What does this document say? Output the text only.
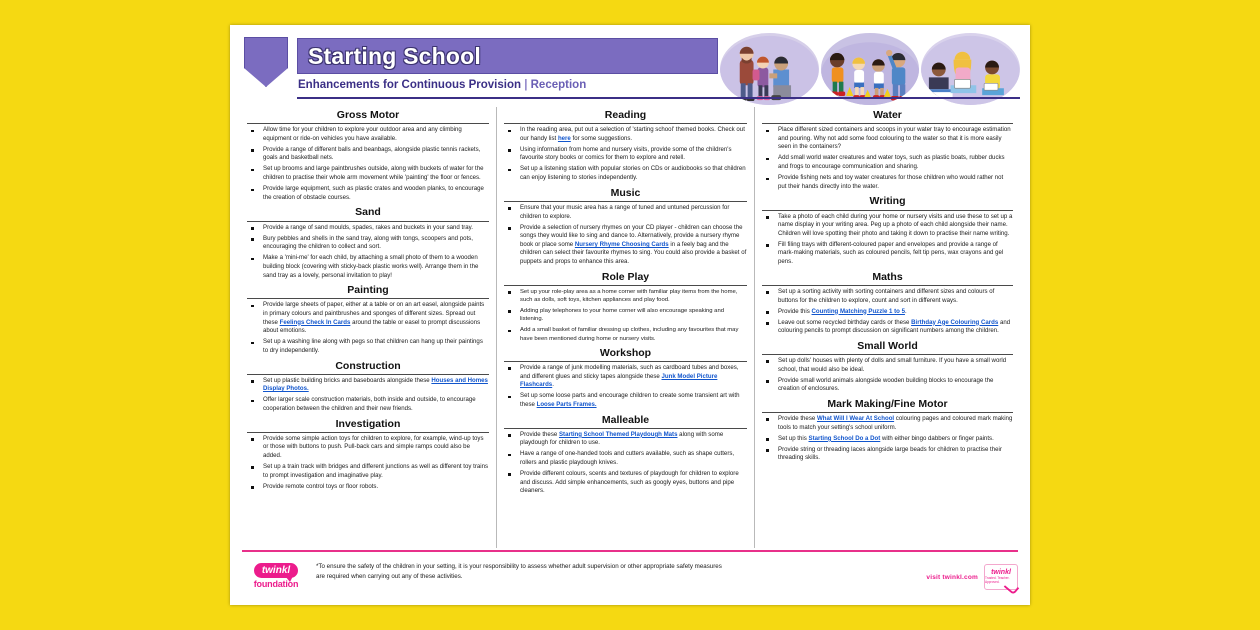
Starting School
Enhancements for Continuous Provision | Reception
Gross Motor
Allow time for your children to explore your outdoor area and any climbing equipment or ride-on vehicles you have available.
Provide a range of different balls and beanbags, alongside plastic tennis rackets, goals and basketball nets.
Set up brooms and large paintbrushes outside, along with buckets of water for the children to practise their whole arm movement while 'painting' the floor or fences.
Provide large equipment, such as plastic crates and wooden planks, to encourage the creation of obstacle courses.
Sand
Provide a range of sand moulds, spades, rakes and buckets in your sand tray.
Bury pebbles and shells in the sand tray, along with tongs, scoopers and pots, encouraging the children to collect and sort.
Make a 'mini-me' for each child, by attaching a small photo of them to a wooden building block (covering with sticky-back plastic works well). Arrange them in the sand tray as a lovely, personal invitation to play!
Painting
Provide large sheets of paper, either at a table or on an art easel, alongside paints in primary colours and paintbrushes and sponges of different sizes. Spread out these Feelings Check In Cards around the table or easel to prompt discussions about emotions.
Set up a washing line along with pegs so that children can hang up their paintings to dry independently.
Construction
Set up plastic building bricks and baseboards alongside these Houses and Homes Display Photos.
Offer larger scale construction materials, both inside and outside, to encourage cooperation between the children and their new friends.
Investigation
Provide some simple action toys for children to explore, for example, wind-up toys or those with buttons to push. Pull-back cars and simple ramps could also be added.
Set up a train track with bridges and different junctions as well as different toy trains to prompt investigation and imaginative play.
Provide remote control toys or floor robots.
Reading
In the reading area, put out a selection of 'starting school' themed books. Check out our handy list here for some suggestions.
Using information from home and nursery visits, provide some of the children's favourite story books or comics for them to explore and retell.
Set up a listening station with popular stories on CDs or audiobooks so that children can enjoy listening to stories independently.
Music
Ensure that your music area has a range of tuned and untuned percussion for children to explore.
Provide a selection of nursery rhymes on your CD player - children can choose the songs they would like to sing and dance to. Alternatively, provide a nursery rhyme book or place some Nursery Rhyme Choosing Cards in a feely bag and the children can select their favourite rhymes to sing. You could also provide a basket of puppets and props to enhance this area.
Role Play
Set up your role-play area as a home corner with familiar play items from the home, such as dolls, soft toys, kitchen appliances and play food.
Adding play telephones to your home corner will also encourage speaking and listening.
Add a small basket of familiar dressing up clothes, including any favourites that may have been mentioned during home or nursery visits.
Workshop
Provide a range of junk modelling materials, such as cardboard tubes and boxes, and different glues and sticky tapes alongside these Junk Model Picture Flashcards.
Set up some loose parts and encourage children to create some transient art with these Loose Parts Frames.
Malleable
Provide these Starting School Themed Playdough Mats along with some playdough for children to use.
Have a range of one-handed tools and cutters available, such as shape cutters, rollers and plastic playdough knives.
Provide different colours, scents and textures of playdough for children to explore and discuss. Add simple enhancements, such as googly eyes, buttons and pipe cleaners.
Water
Place different sized containers and scoops in your water tray to encourage estimation and pouring. Why not add some food colouring to the water so that it is more easily seen in the containers?
Add small world water creatures and water toys, such as plastic boats, rubber ducks and frogs to encourage communication and sharing.
Provide fishing nets and toy water creatures for those children who would rather not put their hands directly into the water.
Writing
Take a photo of each child during your home or nursery visits and use these to set up a name display in your writing area. Peg up a photo of each child alongside their name. Children will love spotting their photo and taking it down to practise their name writing.
Fill filing trays with different-coloured paper and envelopes and provide a range of mark-making materials, such as coloured pencils, felt tip pens, wax crayons and gel pens.
Maths
Set up a sorting activity with sorting containers and different sizes and colours of buttons for the children to explore, count and sort in different ways.
Provide this Counting Matching Puzzle 1 to 5.
Leave out some recycled birthday cards or these Birthday Age Colouring Cards and colouring pencils to prompt discussion on significant numbers among the children.
Small World
Set up dolls' houses with plenty of dolls and small furniture. If you have a small world school, that would also be ideal.
Provide small world animals alongside wooden building blocks to encourage the creation of enclosures.
Mark Making/Fine Motor
Provide these What Will I Wear At School colouring pages and coloured mark making tools to match your setting's school uniform.
Set up this Starting School Do a Dot with either bingo dabbers or finger paints.
Provide string or threading laces alongside large beads for children to practise their threading skills.
twinkl
foundation
*To ensure the safety of the children in your setting, it is your responsibility to assess whether adult supervision or other appropriate safety measures are required when carrying out any of these activities.	visit twinkl.com
twinkl
Trusted. Teacher. Approved.
